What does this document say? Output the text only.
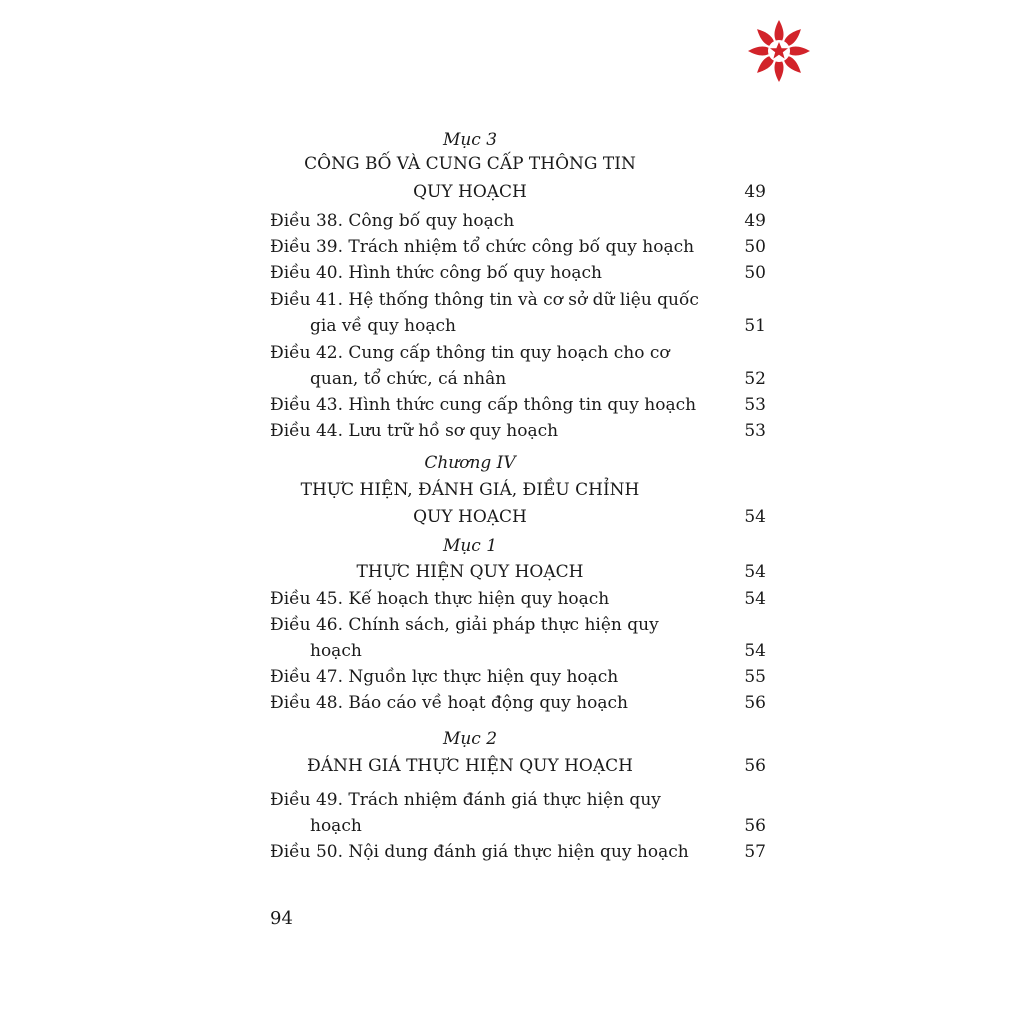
Mục 3
CÔNG BỐ VÀ CUNG CẤP THÔNG TIN
QUY HOẠCH	49
Điều 38. Công bố quy hoạch	49
Điều 39. Trách nhiệm tổ chức công bố quy hoạch	50
Điều 40. Hình thức công bố quy hoạch	50
Điều 41. Hệ thống thông tin và cơ sở dữ liệu quốc
gia về quy hoạch	51
Điều 42. Cung cấp thông tin quy hoạch cho cơ
quan, tổ chức, cá nhân	52
Điều 43. Hình thức cung cấp thông tin quy hoạch	53
Điều 44. Lưu trữ hồ sơ quy hoạch	53
Chương IV
THỰC HIỆN, ĐÁNH GIÁ, ĐIỀU CHỈNH
QUY HOẠCH	54
Mục 1
THỰC HIỆN QUY HOẠCH	54
Điều 45. Kế hoạch thực hiện quy hoạch	54
Điều 46. Chính sách, giải pháp thực hiện quy
hoạch	54
Điều 47. Nguồn lực thực hiện quy hoạch	55
Điều 48. Báo cáo về hoạt động quy hoạch	56
Mục 2
ĐÁNH GIÁ THỰC HIỆN QUY HOẠCH	56
Điều 49. Trách nhiệm đánh giá thực hiện quy
hoạch	56
Điều 50. Nội dung đánh giá thực hiện quy hoạch	57
94
